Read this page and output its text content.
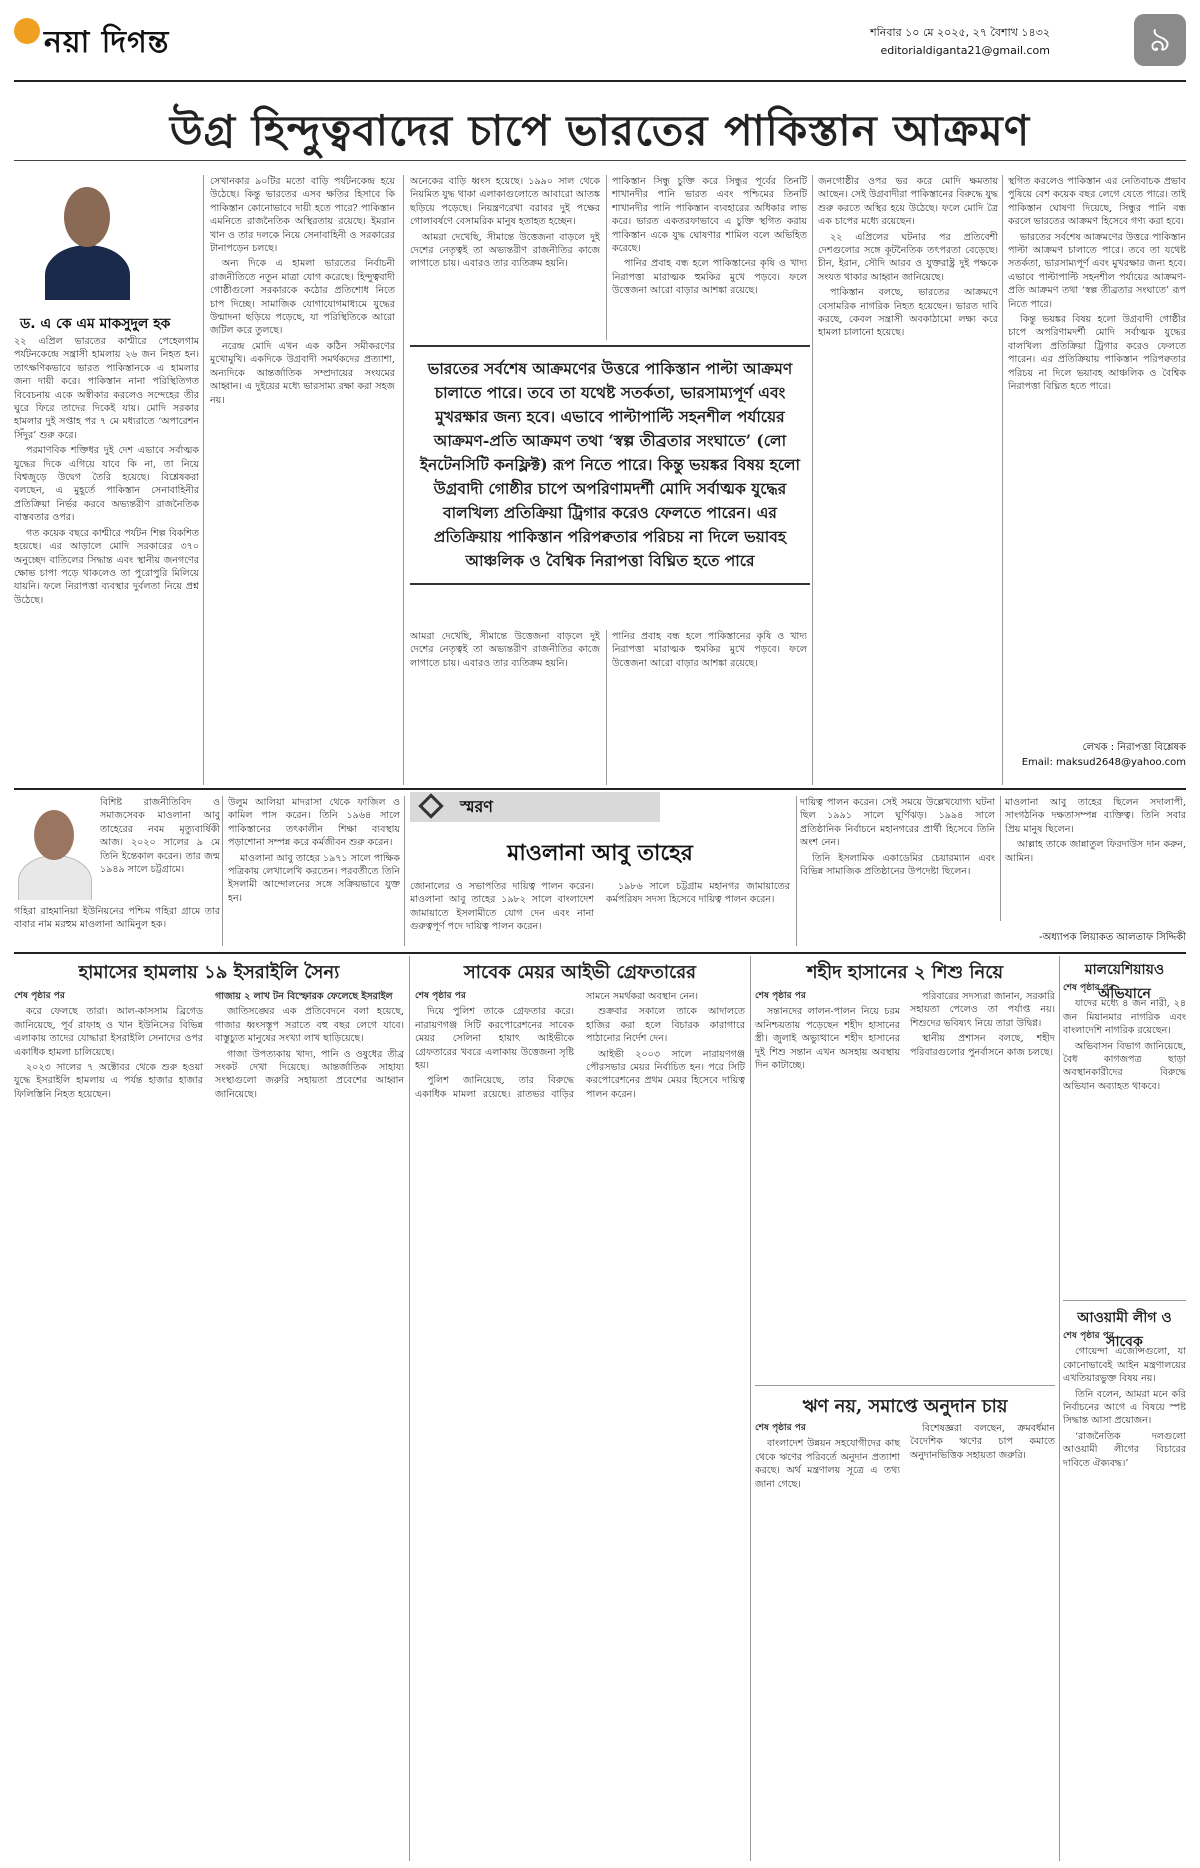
নয়া দিগন্ত	শনিবার ১০ মে ২০২৫, ২৭ বৈশাখ ১৪৩২
editorialdiganta21@gmail.com	৯
উগ্র হিন্দুত্ববাদের চাপে ভারতের পাকিস্তান আক্রমণ
ড. এ কে এম মাকসুদুল হক

২২ এপ্রিল ভারতের কাশ্মীরে পেহেলগাম পর্যটনকেন্দ্রে সন্ত্রাসী হামলায় ২৬ জন নিহত হন। তাৎক্ষণিকভাবে ভারত পাকিস্তানকে এ হামলার জন্য দায়ী করে। পাকিস্তান নানা পরিস্থিতিগত বিবেচনায় একে অস্বীকার করলেও সন্দেহের তীর ঘুরে ফিরে তাদের দিকেই যায়। মোদি সরকার হামলার দুই সপ্তাহ পর ৭ মে মধ্যরাতে ‘অপারেশন সিঁদুর’ শুরু করে।

পরমাণবিক শক্তিধর দুই দেশ এভাবে সর্বাত্মক যুদ্ধের দিকে এগিয়ে যাবে কি না, তা নিয়ে বিশ্বজুড়ে উদ্বেগ তৈরি হয়েছে। বিশ্লেষকরা বলছেন, এ মুহূর্তে পাকিস্তান সেনাবাহিনীর প্রতিক্রিয়া নির্ভর করবে অভ্যন্তরীণ রাজনৈতিক বাস্তবতার ওপর।

গত কয়েক বছরে কাশ্মীরে পর্যটন শিল্প বিকশিত হয়েছে। এর আড়ালে মোদি সরকারের ৩৭০ অনুচ্ছেদ বাতিলের সিদ্ধান্ত এবং স্থানীয় জনগণের ক্ষোভ চাপা পড়ে থাকলেও তা পুরোপুরি মিলিয়ে যায়নি। ফলে নিরাপত্তা ব্যবস্থার দুর্বলতা নিয়ে প্রশ্ন উঠেছে।

সেখানকার ৯০টির মতো বাড়ি পর্যটনকেন্দ্র হয়ে উঠেছে। কিন্তু ভারতের এসব ক্ষতির হিসাবে কি পাকিস্তান কোনোভাবে দায়ী হতে পারে? পাকিস্তান এমনিতে রাজনৈতিক অস্থিরতায় রয়েছে। ইমরান খান ও তার দলকে নিয়ে সেনাবাহিনী ও সরকারের টানাপড়েন চলছে।

অন্য দিকে এ হামলা ভারতের নির্বাচনী রাজনীতিতে নতুন মাত্রা যোগ করেছে। হিন্দুত্ববাদী গোষ্ঠীগুলো সরকারকে কঠোর প্রতিশোধ নিতে চাপ দিচ্ছে। সামাজিক যোগাযোগমাধ্যমে যুদ্ধের উন্মাদনা ছড়িয়ে পড়েছে, যা পরিস্থিতিকে আরো জটিল করে তুলছে।

নরেন্দ্র মোদি এখন এক কঠিন সমীকরণের মুখোমুখি। একদিকে উগ্রবাদী সমর্থকদের প্রত্যাশা, অন্যদিকে আন্তর্জাতিক সম্প্রদায়ের সংযমের আহ্বান। এ দুইয়ের মধ্যে ভারসাম্য রক্ষা করা সহজ নয়।

অনেকের বাড়ি ধ্বংস হয়েছে। ১৯৯০ সাল থেকে নিয়মিত যুদ্ধ থাকা এলাকাগুলোতে আবারো আতঙ্ক ছড়িয়ে পড়েছে। নিয়ন্ত্রণরেখা বরাবর দুই পক্ষের গোলাবর্ষণে বেসামরিক মানুষ হতাহত হচ্ছেন।

আমরা দেখেছি, সীমান্তে উত্তেজনা বাড়লে দুই দেশের নেতৃত্বই তা অভ্যন্তরীণ রাজনীতির কাজে লাগাতে চায়। এবারও তার ব্যতিক্রম হয়নি।

পাকিস্তান সিন্ধু চুক্তি করে সিন্ধুর পূর্বের তিনটি শাখানদীর পানি ভারত এবং পশ্চিমের তিনটি শাখানদীর পানি পাকিস্তান ব্যবহারের অধিকার লাভ করে। ভারত একতরফাভাবে এ চুক্তি স্থগিত করায় পাকিস্তান একে যুদ্ধ ঘোষণার শামিল বলে অভিহিত করেছে।

পানির প্রবাহ বন্ধ হলে পাকিস্তানের কৃষি ও খাদ্য নিরাপত্তা মারাত্মক হুমকির মুখে পড়বে। ফলে উত্তেজনা আরো বাড়ার আশঙ্কা রয়েছে।

ভারতের সর্বশেষ আক্রমণের উত্তরে পাকিস্তান পাল্টা আক্রমণ চালাতে পারে। তবে তা যথেষ্ট সতর্কতা, ভারসাম্যপূর্ণ এবং মুখরক্ষার জন্য হবে। এভাবে পাল্টাপাল্টি সহনশীল পর্যায়ের আক্রমণ-প্রতি আক্রমণ তথা ‘স্বল্প তীব্রতার সংঘাতে’ (লো ইনটেনসিটি কনফ্লিক্ট) রূপ নিতে পারে। কিন্তু ভয়ঙ্কর বিষয় হলো উগ্রবাদী গোষ্ঠীর চাপে অপরিণামদর্শী মোদি সর্বাত্মক যুদ্ধের বালখিল্য প্রতিক্রিয়া ট্রিগার করেও ফেলতে পারেন। এর প্রতিক্রিয়ায় পাকিস্তান পরিপক্বতার পরিচয় না দিলে ভয়াবহ আঞ্চলিক ও বৈশ্বিক নিরাপত্তা বিঘ্নিত হতে পারে

আমরা দেখেছি, সীমান্তে উত্তেজনা বাড়লে দুই দেশের নেতৃত্বই তা অভ্যন্তরীণ রাজনীতির কাজে লাগাতে চায়। এবারও তার ব্যতিক্রম হয়নি।

পানির প্রবাহ বন্ধ হলে পাকিস্তানের কৃষি ও খাদ্য নিরাপত্তা মারাত্মক হুমকির মুখে পড়বে। ফলে উত্তেজনা আরো বাড়ার আশঙ্কা রয়েছে।

জনগোষ্ঠীর ওপর ভর করে মোদি ক্ষমতায় আছেন। সেই উগ্রবাদীরা পাকিস্তানের বিরুদ্ধে যুদ্ধ শুরু করতে অস্থির হয়ে উঠেছে। ফলে মোদি ত্রৈ এক চাপের মধ্যে রয়েছেন।

২২ এপ্রিলের ঘটনার পর প্রতিবেশী দেশগুলোর সঙ্গে কূটনৈতিক তৎপরতা বেড়েছে। চীন, ইরান, সৌদি আরব ও যুক্তরাষ্ট্র দুই পক্ষকে সংযত থাকার আহ্বান জানিয়েছে।

পাকিস্তান বলছে, ভারতের আক্রমণে বেসামরিক নাগরিক নিহত হয়েছেন। ভারত দাবি করছে, কেবল সন্ত্রাসী অবকাঠামো লক্ষ্য করে হামলা চালানো হয়েছে।

স্থগিত করলেও পাকিস্তান এর নেতিবাচক প্রভাব পুষিয়ে বেশ কয়েক বছর লেগে যেতে পারে। তাই পাকিস্তান ঘোষণা দিয়েছে, সিন্ধুর পানি বন্ধ করলে ভারতের আক্রমণ হিসেবে গণ্য করা হবে।

ভারতের সর্বশেষ আক্রমণের উত্তরে পাকিস্তান পাল্টা আক্রমণ চালাতে পারে। তবে তা যথেষ্ট সতর্কতা, ভারসাম্যপূর্ণ এবং মুখরক্ষার জন্য হবে। এভাবে পাল্টাপাল্টি সহনশীল পর্যায়ের আক্রমণ-প্রতি আক্রমণ তথা ‘স্বল্প তীব্রতার সংঘাতে’ রূপ নিতে পারে।

কিন্তু ভয়ঙ্কর বিষয় হলো উগ্রবাদী গোষ্ঠীর চাপে অপরিণামদর্শী মোদি সর্বাত্মক যুদ্ধের বালখিল্য প্রতিক্রিয়া ট্রিগার করেও ফেলতে পারেন। এর প্রতিক্রিয়ায় পাকিস্তান পরিপক্বতার পরিচয় না দিলে ভয়াবহ আঞ্চলিক ও বৈশ্বিক নিরাপত্তা বিঘ্নিত হতে পারে।

লেখক : নিরাপত্তা বিশ্লেষক
Email: maksud2648@yahoo.com

বিশিষ্ট রাজনীতিবিদ ও সমাজসেবক মাওলানা আবু তাহেরের নবম মৃত্যুবার্ষিকী আজ। ২০২০ সালের ৯ মে তিনি ইন্তেকাল করেন। তার জন্ম ১৯৪৯ সালে চট্টগ্রামে।

গহিরা রাহমানিয়া ইউনিয়নের পশ্চিম গহিরা গ্রামে তার বাবার নাম মরহুম মাওলানা আমিনুল হক।

উলুম আলিয়া মাদরাসা থেকে ফাজিল ও কামিল পাস করেন। তিনি ১৯৬৪ সালে পাকিস্তানের তৎকালীন শিক্ষা ব্যবস্থায় পড়াশোনা সম্পন্ন করে কর্মজীবন শুরু করেন।

মাওলানা আবু তাহের ১৯৭১ সালে পাক্ষিক পত্রিকায় লেখালেখি করতেন। পরবর্তীতে তিনি ইসলামী আন্দোলনের সঙ্গে সক্রিয়ভাবে যুক্ত হন।

স্মরণ
মাওলানা আবু তাহের

জোনালের ও সভাপতির দায়িত্ব পালন করেন। মাওলানা আবু তাহের ১৯৮২ সালে বাংলাদেশ জামায়াতে ইসলামীতে যোগ দেন এবং নানা গুরুত্বপূর্ণ পদে দায়িত্ব পালন করেন।

১৯৮৬ সালে চট্টগ্রাম মহানগর জামায়াতের কর্মপরিষদ সদস্য হিসেবে দায়িত্ব পালন করেন।

দায়িত্ব পালন করেন। সেই সময়ে উল্লেখযোগ্য ঘটনা ছিল ১৯৯১ সালে ঘূর্ণিঝড়। ১৯৯৪ সালে প্রতিষ্ঠানিক নির্বাচনে মহানগরের প্রার্থী হিসেবে তিনি অংশ নেন।

তিনি ইসলামিক একাডেমির চেয়ারম্যান এবং বিভিন্ন সামাজিক প্রতিষ্ঠানের উপদেষ্টা ছিলেন।

মাওলানা আবু তাহের ছিলেন সদালাপী, সাংগঠনিক দক্ষতাসম্পন্ন ব্যক্তিত্ব। তিনি সবার প্রিয় মানুষ ছিলেন।

আল্লাহ তাকে জান্নাতুল ফিরদাউস দান করুন, আমিন।

-অধ্যাপক লিয়াকত আলতাফ সিদ্দিকী
হামাসের হামলায় ১৯ ইসরাইলি সৈন্য
শেষ পৃষ্ঠার পর

করে ফেলছে তারা। আল-কাসসাম ব্রিগেড জানিয়েছে, পূর্ব রাফাহ ও খান ইউনিসের বিভিন্ন এলাকায় তাদের যোদ্ধারা ইসরাইলি সেনাদের ওপর একাধিক হামলা চালিয়েছে।

২০২৩ সালের ৭ অক্টোবর থেকে শুরু হওয়া যুদ্ধে ইসরাইলি হামলায় এ পর্যন্ত হাজার হাজার ফিলিস্তিনি নিহত হয়েছেন।

গাজায় ২ লাখ টন বিস্ফোরক ফেলেছে ইসরাইল

জাতিসঙ্ঘের এক প্রতিবেদনে বলা হয়েছে, গাজার ধ্বংসস্তূপ সরাতে বহু বছর লেগে যাবে। বাস্তুচ্যুত মানুষের সংখ্যা লাখ ছাড়িয়েছে।

গাজা উপত্যকায় খাদ্য, পানি ও ওষুধের তীব্র সংকট দেখা দিয়েছে। আন্তর্জাতিক সাহায্য সংস্থাগুলো জরুরি সহায়তা প্রবেশের আহ্বান জানিয়েছে।

সাবেক মেয়র আইভী গ্রেফতারের
শেষ পৃষ্ঠার পর

দিয়ে পুলিশ তাকে গ্রেফতার করে। নারায়ণগঞ্জ সিটি করপোরেশনের সাবেক মেয়র সেলিনা হায়াৎ আইভীকে গ্রেফতারের খবরে এলাকায় উত্তেজনা সৃষ্টি হয়।

পুলিশ জানিয়েছে, তার বিরুদ্ধে একাধিক মামলা রয়েছে। রাতভর বাড়ির সামনে সমর্থকরা অবস্থান নেন।

শুক্রবার সকালে তাকে আদালতে হাজির করা হলে বিচারক কারাগারে পাঠানোর নির্দেশ দেন।

আইভী ২০০৩ সালে নারায়ণগঞ্জ পৌরসভার মেয়র নির্বাচিত হন। পরে সিটি করপোরেশনের প্রথম মেয়র হিসেবে দায়িত্ব পালন করেন।

শহীদ হাসানের ২ শিশু নিয়ে
শেষ পৃষ্ঠার পর

সন্তানদের লালন-পালন নিয়ে চরম অনিশ্চয়তায় পড়েছেন শহীদ হাসানের স্ত্রী। জুলাই অভ্যুত্থানে শহীদ হাসানের দুই শিশু সন্তান এখন অসহায় অবস্থায় দিন কাটাচ্ছে।

পরিবারের সদস্যরা জানান, সরকারি সহায়তা পেলেও তা পর্যাপ্ত নয়। শিশুদের ভবিষ্যৎ নিয়ে তারা উদ্বিগ্ন।

স্থানীয় প্রশাসন বলছে, শহীদ পরিবারগুলোর পুনর্বাসনে কাজ চলছে।

ঋণ নয়, সমাপ্তে অনুদান চায়
শেষ পৃষ্ঠার পর

বাংলাদেশ উন্নয়ন সহযোগীদের কাছ থেকে ঋণের পরিবর্তে অনুদান প্রত্যাশা করছে। অর্থ মন্ত্রণালয় সূত্রে এ তথ্য জানা গেছে।

বিশেষজ্ঞরা বলছেন, ক্রমবর্ধমান বৈদেশিক ঋণের চাপ কমাতে অনুদানভিত্তিক সহায়তা জরুরি।

মালয়েশিয়ায়ও অভিযানে
শেষ পৃষ্ঠার পর

যাদের মধ্যে ৪ জন নারী, ২৪ জন মিয়ানমার নাগরিক এবং বাংলাদেশি নাগরিক রয়েছেন।

অভিবাসন বিভাগ জানিয়েছে, বৈধ কাগজপত্র ছাড়া অবস্থানকারীদের বিরুদ্ধে অভিযান অব্যাহত থাকবে।

আওয়ামী লীগ ও সাবেক
শেষ পৃষ্ঠার পর

গোয়েন্দা এজেন্সিগুলো, যা কোনোভাবেই আইন মন্ত্রণালয়ের এখতিয়ারভুক্ত বিষয় নয়।

তিনি বলেন, আমরা মনে করি নির্বাচনের আগে এ বিষয়ে স্পষ্ট সিদ্ধান্ত আসা প্রয়োজন।

‘রাজনৈতিক দলগুলো আওয়ামী লীগের বিচারের দাবিতে ঐক্যবদ্ধ।’
